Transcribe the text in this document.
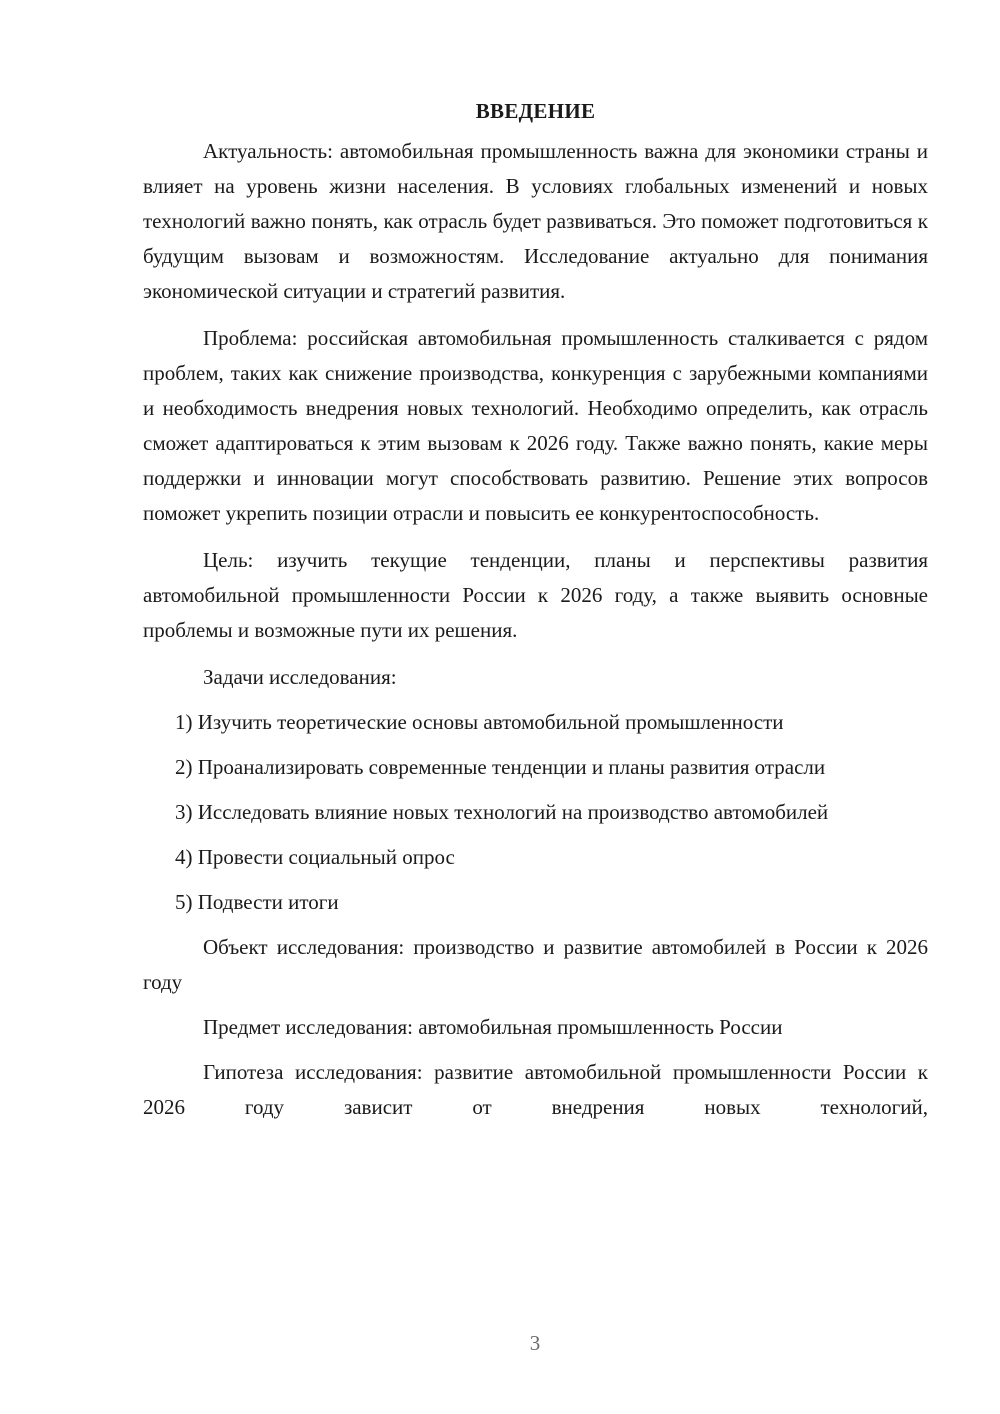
ВВЕДЕНИЕ

Актуальность: автомобильная промышленность важна для экономики страны и влияет на уровень жизни населения. В условиях глобальных изменений и новых технологий важно понять, как отрасль будет развиваться. Это поможет подготовиться к будущим вызовам и возможностям. Исследование актуально для понимания экономической ситуации и стратегий развития.

Проблема: российская автомобильная промышленность сталкивается с рядом проблем, таких как снижение производства, конкуренция с зарубежными компаниями и необходимость внедрения новых технологий. Необходимо определить, как отрасль сможет адаптироваться к этим вызовам к 2026 году. Также важно понять, какие меры поддержки и инновации могут способствовать развитию. Решение этих вопросов поможет укрепить позиции отрасли и повысить ее конкурентоспособность.

Цель: изучить текущие тенденции, планы и перспективы развития автомобильной промышленности России к 2026 году, а также выявить основные проблемы и возможные пути их решения.

Задачи исследования:

1) Изучить теоретические основы автомобильной промышленности

2) Проанализировать современные тенденции и планы развития отрасли

3) Исследовать влияние новых технологий на производство автомобилей

4) Провести социальный опрос

5) Подвести итоги

Объект исследования: производство и развитие автомобилей в России к 2026 году

Предмет исследования: автомобильная промышленность России

Гипотеза исследования: развитие автомобильной промышленности России к 2026 году зависит от внедрения новых технологий,

3
